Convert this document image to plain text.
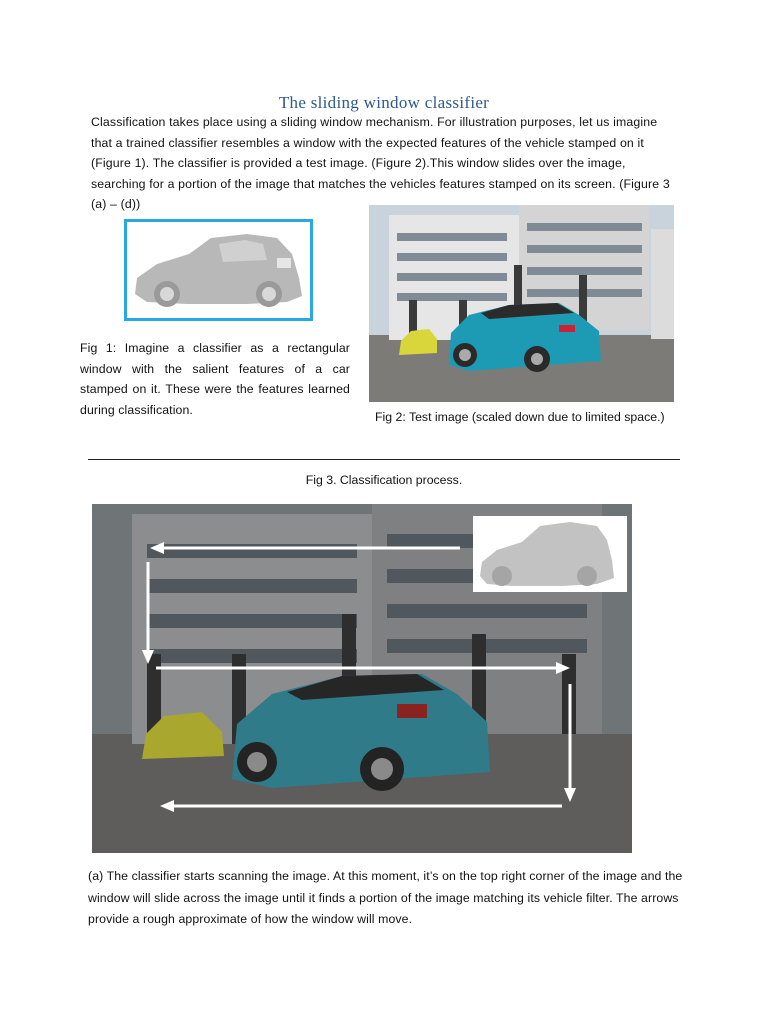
The sliding window classifier
Classification takes place using a sliding window mechanism. For illustration purposes, let us imagine that a trained classifier resembles a window with the expected features of the vehicle stamped on it (Figure 1). The classifier is provided a test image. (Figure 2).This window slides over the image, searching for a portion of the image that matches the vehicles features stamped on its screen. (Figure 3 (a) – (d))
Fig 1: Imagine a classifier as a rectangular window with the salient features of a car stamped on it. These were the features learned during classification.
Fig 2: Test image (scaled down due to limited space.)
Fig 3. Classification process.
(a) The classifier starts scanning the image. At this moment, it’s on the top right corner of the image and the window will slide across the image until it finds a portion of the image matching its vehicle filter. The arrows provide a rough approximate of how the window will move.
